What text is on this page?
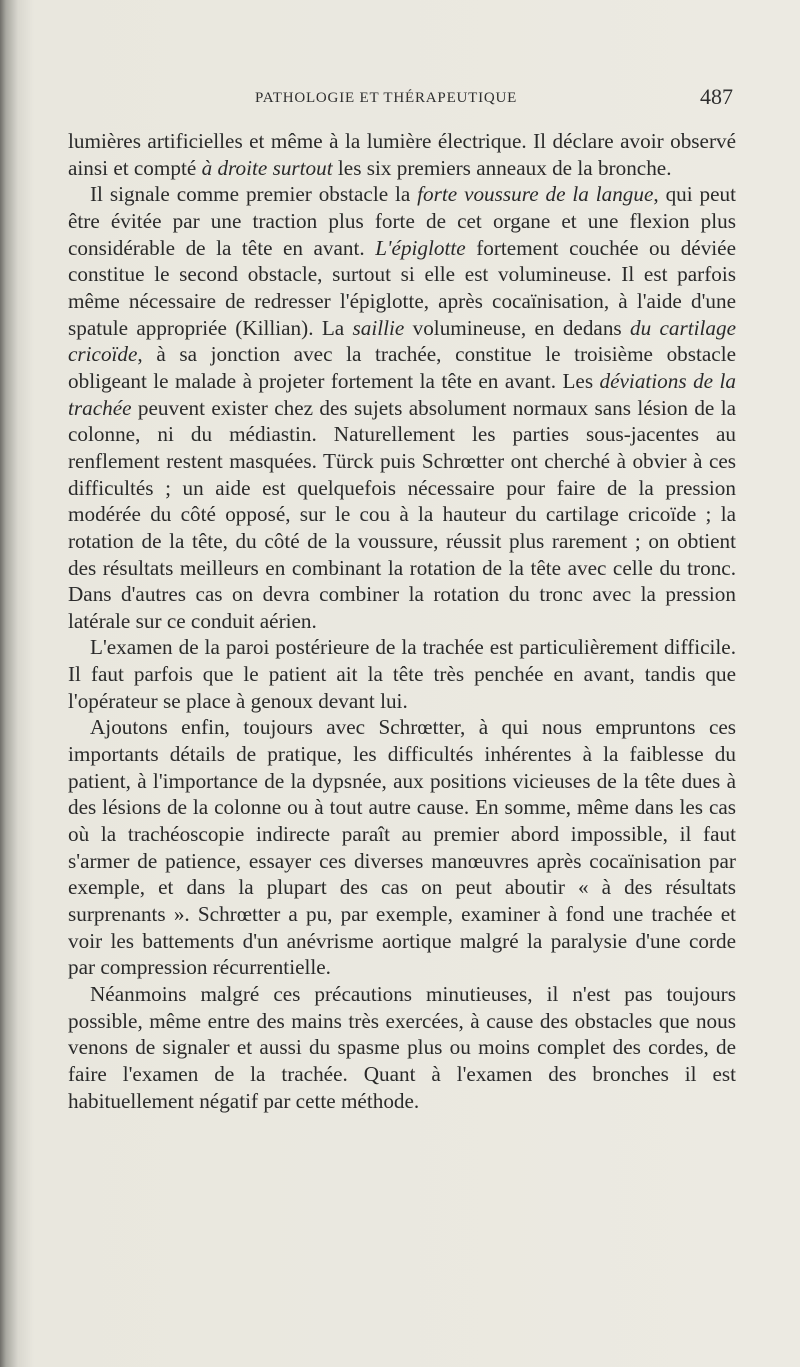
PATHOLOGIE ET THÉRAPEUTIQUE	487

lumières artificielles et même à la lumière électrique. Il déclare avoir observé ainsi et compté à droite surtout les six premiers anneaux de la bronche.

Il signale comme premier obstacle la forte voussure de la langue, qui peut être évitée par une traction plus forte de cet organe et une flexion plus considérable de la tête en avant. L'épiglotte fortement couchée ou déviée constitue le second obstacle, surtout si elle est volumineuse. Il est parfois même nécessaire de redresser l'épiglotte, après cocaïnisation, à l'aide d'une spatule appropriée (Killian). La saillie volumineuse, en dedans du cartilage cricoïde, à sa jonction avec la trachée, constitue le troisième obstacle obligeant le malade à projeter fortement la tête en avant. Les déviations de la trachée peuvent exister chez des sujets absolument normaux sans lésion de la colonne, ni du médiastin. Naturellement les parties sous-jacentes au renflement restent masquées. Türck puis Schrœtter ont cherché à obvier à ces difficultés ; un aide est quelquefois nécessaire pour faire de la pression modérée du côté opposé, sur le cou à la hauteur du cartilage cricoïde ; la rotation de la tête, du côté de la voussure, réussit plus rarement ; on obtient des résultats meilleurs en combinant la rotation de la tête avec celle du tronc. Dans d'autres cas on devra combiner la rotation du tronc avec la pression latérale sur ce conduit aérien.

L'examen de la paroi postérieure de la trachée est particulièrement difficile. Il faut parfois que le patient ait la tête très penchée en avant, tandis que l'opérateur se place à genoux devant lui.

Ajoutons enfin, toujours avec Schrœtter, à qui nous empruntons ces importants détails de pratique, les difficultés inhérentes à la faiblesse du patient, à l'importance de la dypsnée, aux positions vicieuses de la tête dues à des lésions de la colonne ou à tout autre cause. En somme, même dans les cas où la trachéoscopie indirecte paraît au premier abord impossible, il faut s'armer de patience, essayer ces diverses manœuvres après cocaïnisation par exemple, et dans la plupart des cas on peut aboutir « à des résultats surprenants ». Schrœtter a pu, par exemple, examiner à fond une trachée et voir les battements d'un anévrisme aortique malgré la paralysie d'une corde par compression récurrentielle.

Néanmoins malgré ces précautions minutieuses, il n'est pas toujours possible, même entre des mains très exercées, à cause des obstacles que nous venons de signaler et aussi du spasme plus ou moins complet des cordes, de faire l'examen de la trachée. Quant à l'examen des bronches il est habituellement négatif par cette méthode.
